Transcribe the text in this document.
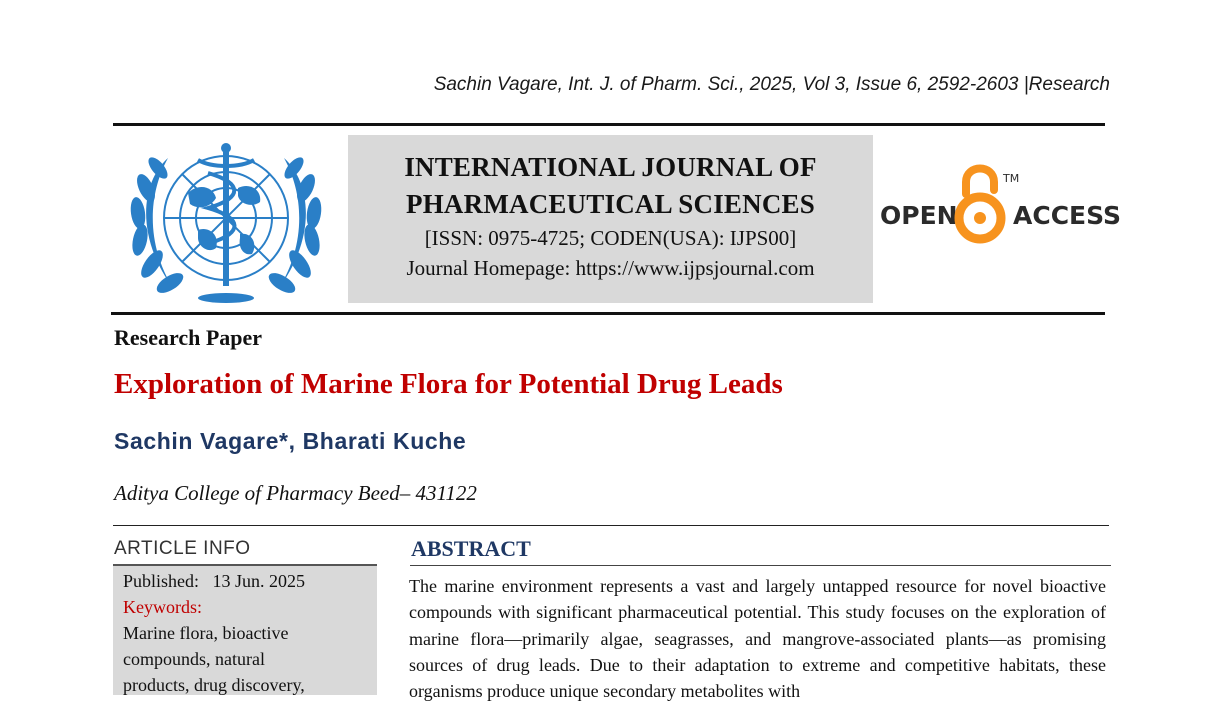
Sachin Vagare, Int. J. of Pharm. Sci., 2025, Vol 3, Issue 6, 2592-2603 |Research
INTERNATIONAL JOURNAL OF
PHARMACEUTICAL SCIENCES
[ISSN: 0975-4725; CODEN(USA): IJPS00]
Journal Homepage: https://www.ijpsjournal.com
OPEN
TM
ACCESS
Research Paper
Exploration of Marine Flora for Potential Drug Leads
Sachin Vagare*, Bharati Kuche
Aditya College of Pharmacy Beed– 431122
ARTICLE INFO
Published: 13 Jun. 2025
Keywords:
Marine flora, bioactive
compounds, natural
products, drug discovery,
ABSTRACT
The marine environment represents a vast and largely untapped resource for novel bioactive compounds with significant pharmaceutical potential. This study focuses on the exploration of marine flora—primarily algae, seagrasses, and mangrove-associated plants—as promising sources of drug leads. Due to their adaptation to extreme and competitive habitats, these organisms produce unique secondary metabolites with
